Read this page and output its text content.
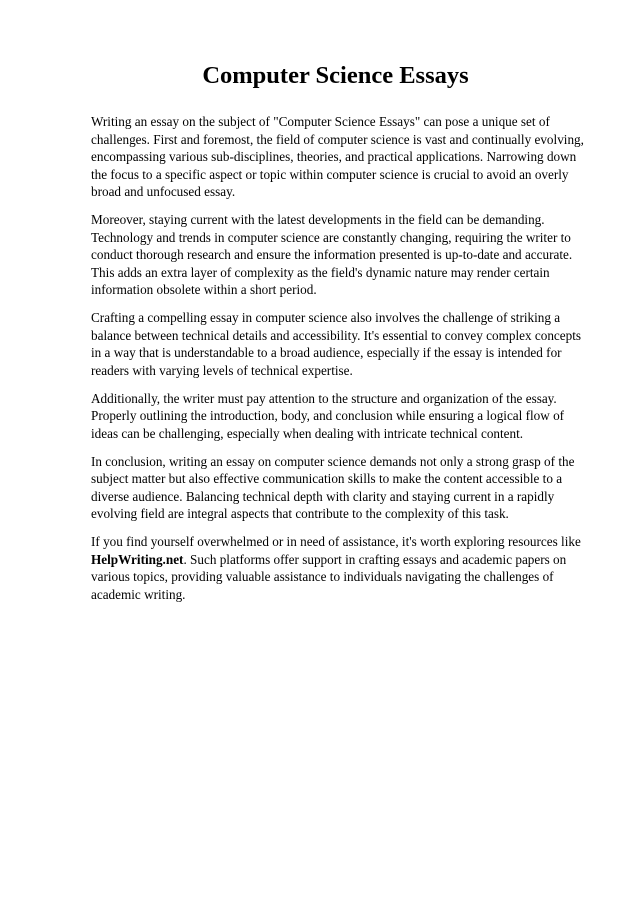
Computer Science Essays

Writing an essay on the subject of "Computer Science Essays" can pose a unique set of challenges. First and foremost, the field of computer science is vast and continually evolving, encompassing various sub-disciplines, theories, and practical applications. Narrowing down the focus to a specific aspect or topic within computer science is crucial to avoid an overly broad and unfocused essay.

Moreover, staying current with the latest developments in the field can be demanding. Technology and trends in computer science are constantly changing, requiring the writer to conduct thorough research and ensure the information presented is up-to-date and accurate. This adds an extra layer of complexity as the field's dynamic nature may render certain information obsolete within a short period.

Crafting a compelling essay in computer science also involves the challenge of striking a balance between technical details and accessibility. It's essential to convey complex concepts in a way that is understandable to a broad audience, especially if the essay is intended for readers with varying levels of technical expertise.

Additionally, the writer must pay attention to the structure and organization of the essay. Properly outlining the introduction, body, and conclusion while ensuring a logical flow of ideas can be challenging, especially when dealing with intricate technical content.

In conclusion, writing an essay on computer science demands not only a strong grasp of the subject matter but also effective communication skills to make the content accessible to a diverse audience. Balancing technical depth with clarity and staying current in a rapidly evolving field are integral aspects that contribute to the complexity of this task.

If you find yourself overwhelmed or in need of assistance, it's worth exploring resources like HelpWriting.net. Such platforms offer support in crafting essays and academic papers on various topics, providing valuable assistance to individuals navigating the challenges of academic writing.
